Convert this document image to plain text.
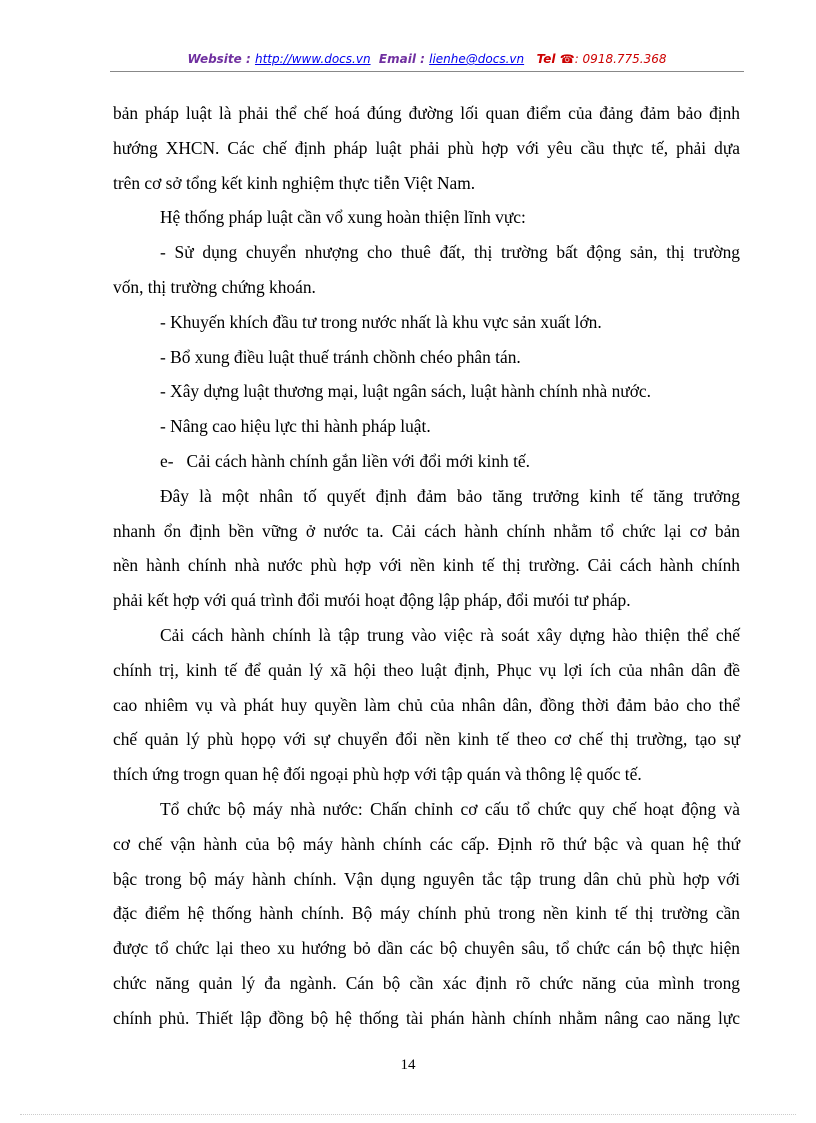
Website : http://www.docs.vn Email : lienhe@docs.vn Tel ☎: 0918.775.368
bản pháp luật là phải thể chế hoá đúng đường lối quan điểm của đảng đảm bảo định
hướng XHCN. Các chế định pháp luật phải phù hợp với yêu cầu thực tế, phải dựa
trên cơ sở tổng kết kinh nghiệm thực tiễn Việt Nam.
Hệ thống pháp luật cần vổ xung hoàn thiện lĩnh vực:
- Sử dụng chuyển nhượng cho thuê đất, thị trường bất động sản, thị trường
vốn, thị trường chứng khoán.
- Khuyến khích đầu tư trong nước nhất là khu vực sản xuất lớn.
- Bổ xung điều luật thuế tránh chồnh chéo phân tán.
- Xây dựng luật thương mại, luật ngân sách, luật hành chính nhà nước.
- Nâng cao hiệu lực thi hành pháp luật.
e-   Cải cách hành chính gắn liền với đổi mới kinh tế.
Đây là một nhân tố quyết định đảm bảo tăng trưởng kinh tế tăng trưởng
nhanh ổn định bền vững ở nước ta. Cải cách hành chính nhằm tổ chức lại cơ bản
nền hành chính nhà nước phù hợp với nền kinh tế thị trường. Cải cách hành chính
phải kết hợp với quá trình đổi mưói hoạt động lập pháp, đổi mưói tư pháp.
Cải cách hành chính là tập trung vào việc rà soát xây dựng hào thiện thể chế
chính trị, kinh tế để quản lý xã hội theo luật định, Phục vụ lợi ích của nhân dân đề
cao nhiêm vụ và phát huy quyền làm chủ của nhân dân, đồng thời đảm bảo cho thể
chế quản lý phù họpọ với sự chuyển đổi nền kinh tế theo cơ chế thị trường, tạo sự
thích ứng trogn quan hệ đối ngoại phù hợp với tập quán và thông lệ quốc tế.
Tổ chức bộ máy nhà nước: Chấn chỉnh cơ cấu tổ chức quy chế hoạt động và
cơ chế vận hành của bộ máy hành chính các cấp. Định rõ thứ bậc và quan hệ thứ
bậc trong bộ máy hành chính. Vận dụng nguyên tắc tập trung dân chủ phù hợp với
đặc điểm hệ thống hành chính. Bộ máy chính phủ trong nền kinh tế thị trường cần
được tổ chức lại theo xu hướng bỏ dần các bộ chuyên sâu, tổ chức cán bộ thực hiện
chức năng quản lý đa ngành. Cán bộ cần xác định rõ chức năng của mình trong
chính phủ. Thiết lập đồng bộ hệ thống tài phán hành chính nhằm nâng cao năng lực
14
